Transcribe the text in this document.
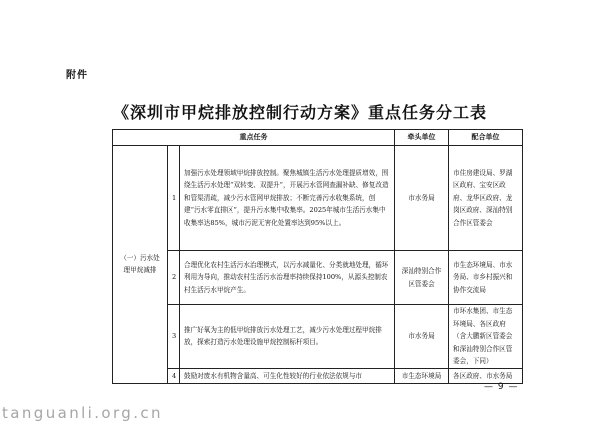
附件
《深圳市甲烷排放控制行动方案》重点任务分工表
重点任务			牵头单位	配合单位
（一）污水处理甲烷减排	1	加强污水处理领域甲烷排放控制。聚焦城镇生活污水处理提质增效，围绕生活污水处理“双转变、双提升”，开展污水管网查漏补缺、修复改造和管渠清疏，减少污水管网甲烷排放；不断完善污水收集系统，创建“污水零直排区”，提升污水集中收集率。2025年城市生活污水集中收集率达85%，城市污泥无害化处置率达到95%以上。	市水务局	市住房建设局、罗湖区政府、宝安区政府、龙华区政府、龙岗区政府、深汕特别合作区管委会
	2	合理优化农村生活污水治理模式，以污水减量化、分类就地处理，循环利用为导向，推动农村生活污水治理率持续保持100%，从源头控制农村生活污水甲烷产生。	深汕特别合作区管委会	市生态环境局、市水务局、市乡村振兴和协作交流局
	3	推广好氧为主的低甲烷排放污水处理工艺，减少污水处理过程甲烷排放，探索打造污水处理设施甲烷控制标杆项目。	市水务局	市环水集团、市生态环境局、各区政府（含大鹏新区管委会和深汕特别合作区管委会，下同）
	4	鼓励对废水有机物含量高、可生化性较好的行业依法依规与市	市生态环境局	各区政府、市水务局
— 9 —
tanguanli.org.cn
